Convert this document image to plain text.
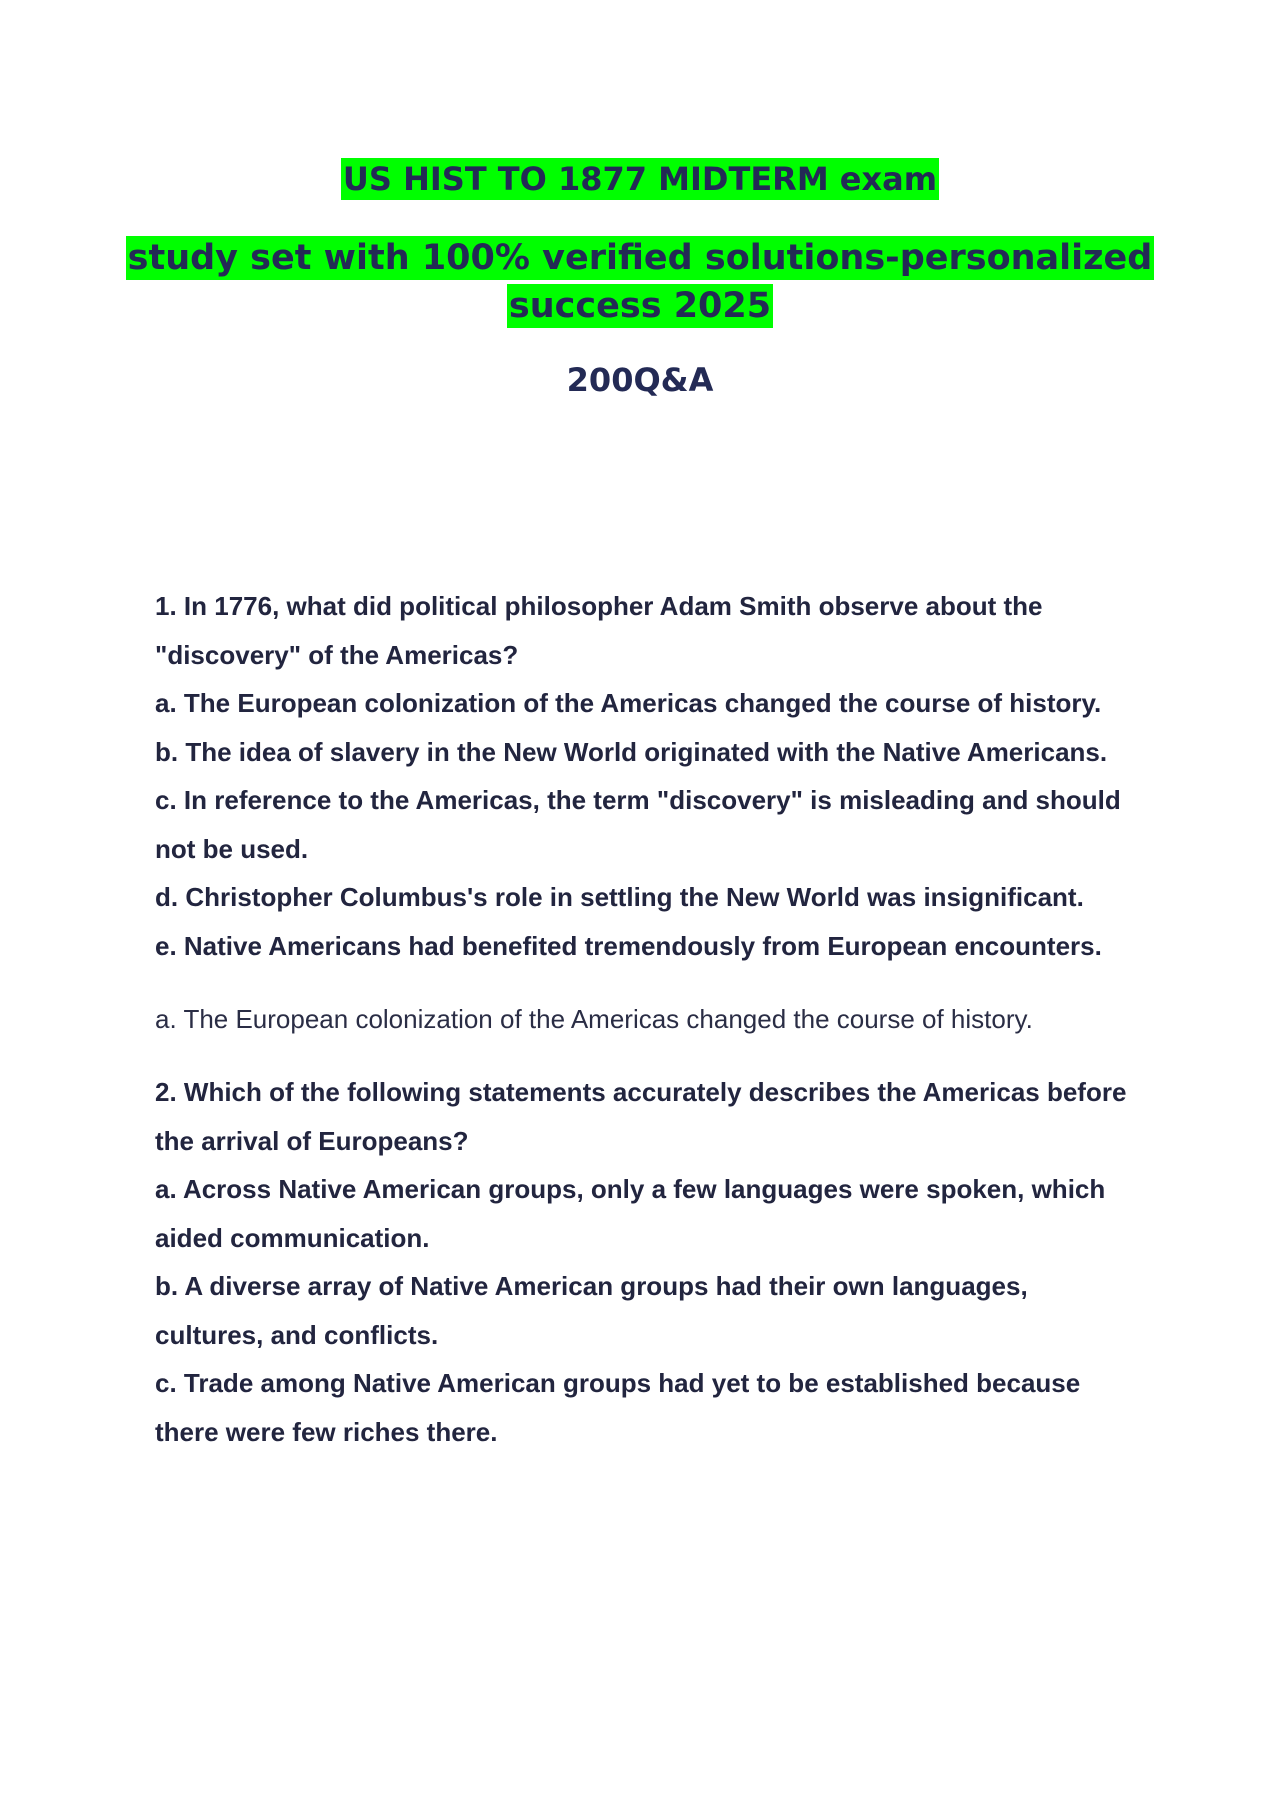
US HIST TO 1877 MIDTERM exam
study set with 100% verified solutions-personalized
success 2025
200Q&A

1. In 1776, what did political philosopher Adam Smith observe about the "discovery" of the Americas?

a. The European colonization of the Americas changed the course of history.

b. The idea of slavery in the New World originated with the Native Americans.

c. In reference to the Americas, the term "discovery" is misleading and should not be used.

d. Christopher Columbus's role in settling the New World was insignificant.

e. Native Americans had benefited tremendously from European encounters.

a. The European colonization of the Americas changed the course of history.

2. Which of the following statements accurately describes the Americas before the arrival of Europeans?

a. Across Native American groups, only a few languages were spoken, which aided communication.

b. A diverse array of Native American groups had their own languages, cultures, and conflicts.

c. Trade among Native American groups had yet to be established because there were few riches there.
